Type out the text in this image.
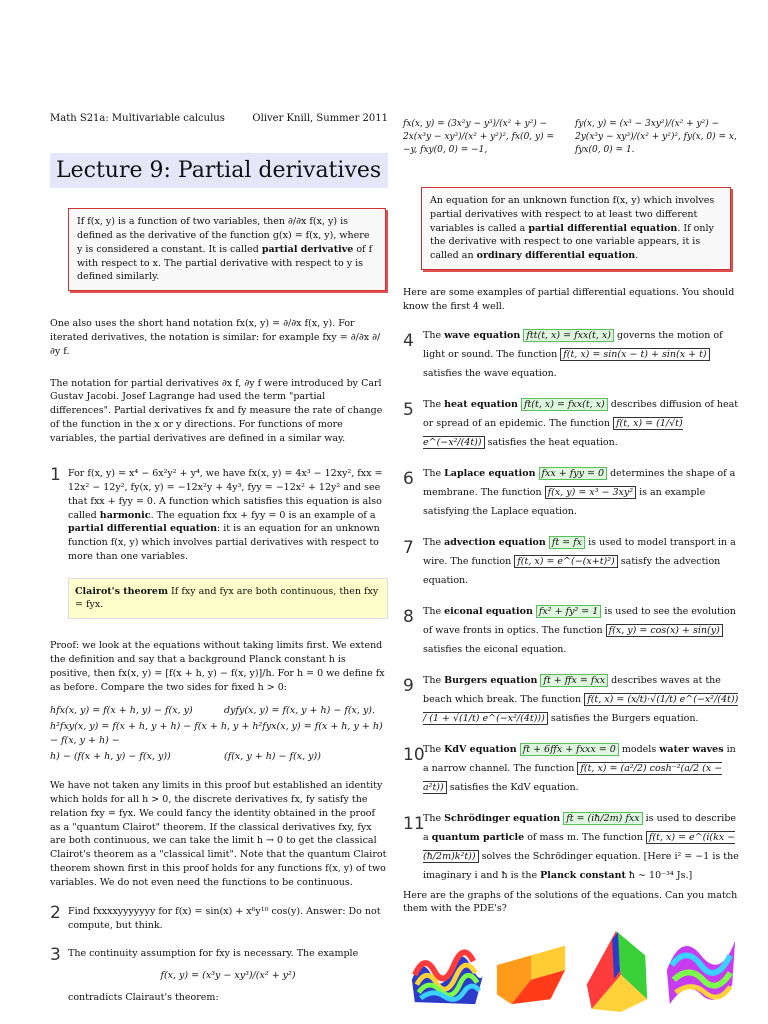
Math S21a: Multivariable calculus	Oliver Knill, Summer 2011
Lecture 9: Partial derivatives
If f(x, y) is a function of two variables, then ∂/∂x f(x, y) is defined as the derivative of the function g(x) = f(x, y), where y is considered a constant. It is called partial derivative of f with respect to x. The partial derivative with respect to y is defined similarly.
One also uses the short hand notation fx(x, y) = ∂/∂x f(x, y). For iterated derivatives, the notation is similar: for example fxy = ∂/∂x ∂/∂y f.
The notation for partial derivatives ∂x f, ∂y f were introduced by Carl Gustav Jacobi. Josef Lagrange had used the term "partial differences". Partial derivatives fx and fy measure the rate of change of the function in the x or y directions. For functions of more variables, the partial derivatives are defined in a similar way.
1 For f(x, y) = x⁴ − 6x²y² + y⁴, we have fx(x, y) = 4x³ − 12xy², fxx = 12x² − 12y², fy(x, y) = −12x²y + 4y³, fyy = −12x² + 12y² and see that fxx + fyy = 0. A function which satisfies this equation is also called harmonic. The equation fxx + fyy = 0 is an example of a partial differential equation: it is an equation for an unknown function f(x, y) which involves partial derivatives with respect to more than one variables.
Clairot's theorem If fxy and fyx are both continuous, then fxy = fyx.
Proof: we look at the equations without taking limits first. We extend the definition and say that a background Planck constant h is positive, then fx(x, y) = [f(x + h, y) − f(x, y)]/h. For h = 0 we define fx as before. Compare the two sides for fixed h > 0:
hfx(x, y) = f(x + h, y) − f(x, y)	dyfy(x, y) = f(x, y + h) − f(x, y).
h²fxy(x, y) = f(x + h, y + h) − f(x + h, y + h²fyx(x, y) = f(x + h, y + h) − f(x, y + h) −
h) − (f(x + h, y) − f(x, y))	(f(x, y + h) − f(x, y))
We have not taken any limits in this proof but established an identity which holds for all h > 0, the discrete derivatives fx, fy satisfy the relation fxy = fyx. We could fancy the identity obtained in the proof as a "quantum Clairot" theorem. If the classical derivatives fxy, fyx are both continuous, we can take the limit h → 0 to get the classical Clairot's theorem as a "classical limit". Note that the quantum Clairot theorem shown first in this proof holds for any functions f(x, y) of two variables. We do not even need the functions to be continuous.
2 Find fxxxxyyyyyyy for f(x) = sin(x) + x⁶y¹⁰ cos(y). Answer: Do not compute, but think.
3 The continuity assumption for fxy is necessary. The example
f(x, y) = (x³y − xy³)/(x² + y²)
contradicts Clairaut's theorem:
fx(x, y) = (3x²y − y³)/(x² + y²) − 2x(x³y − xy³)/(x² + y²)², fx(0, y) = −y, fxy(0, 0) = −1,
fy(x, y) = (x³ − 3xy²)/(x² + y²) − 2y(x³y − xy³)/(x² + y²)², fy(x, 0) = x, fyx(0, 0) = 1.
An equation for an unknown function f(x, y) which involves partial derivatives with respect to at least two different variables is called a partial differential equation. If only the derivative with respect to one variable appears, it is called an ordinary differential equation.
Here are some examples of partial differential equations. You should know the first 4 well.
4 The wave equation ftt(t, x) = fxx(t, x) governs the motion of light or sound. The function f(t, x) = sin(x − t) + sin(x + t) satisfies the wave equation.
5 The heat equation ft(t, x) = fxx(t, x) describes diffusion of heat or spread of an epidemic. The function f(t, x) = (1/√t) e^(−x²/(4t)) satisfies the heat equation.
6 The Laplace equation fxx + fyy = 0 determines the shape of a membrane. The function f(x, y) = x³ − 3xy² is an example satisfying the Laplace equation.
7 The advection equation ft = fx is used to model transport in a wire. The function f(t, x) = e^(−(x+t)²) satisfy the advection equation.
8 The eiconal equation fx² + fy² = 1 is used to see the evolution of wave fronts in optics. The function f(x, y) = cos(x) + sin(y) satisfies the eiconal equation.
9 The Burgers equation ft + ffx = fxx describes waves at the beach which break. The function f(t, x) = (x/t)·√(1/t) e^(−x²/(4t)) / (1 + √(1/t) e^(−x²/(4t))) satisfies the Burgers equation.
10
The KdV equation ft + 6ffx + fxxx = 0 models water waves in a narrow channel. The function f(t, x) = (a²/2) cosh⁻²(a/2 (x − a²t)) satisfies the KdV equation.
11
The Schrödinger equation ft = (iħ/2m) fxx is used to describe a quantum particle of mass m. The function f(t, x) = e^(i(kx − (ħ/2m)k²t)) solves the Schrödinger equation. [Here i² = −1 is the imaginary i and ħ is the Planck constant ħ ∼ 10⁻³⁴ Js.]
Here are the graphs of the solutions of the equations. Can you match them with the PDE's?
